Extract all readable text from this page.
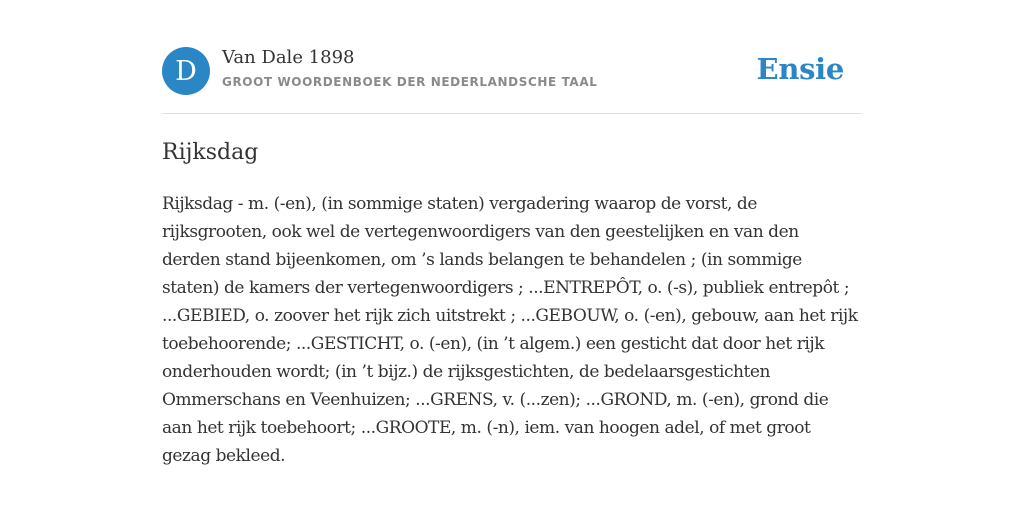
D	Van Dale 1898
GROOT WOORDENBOEK DER NEDERLANDSCHE TAAL	Ensie
Rijksdag

Rijksdag - m. (-en), (in sommige staten) vergadering waarop de vorst, de rijksgrooten, ook wel de vertegenwoordigers van den geestelijken en van den derden stand bijeenkomen, om ’s lands belangen te behandelen ; (in sommige staten) de kamers der vertegenwoordigers ; ...ENTREPÔT, o. (-s), publiek entrepôt ; ...GEBIED, o. zoover het rijk zich uitstrekt ; ...GEBOUW, o. (-en), gebouw, aan het rijk toebehoorende; ...GESTICHT, o. (-en), (in ’t algem.) een gesticht dat door het rijk onderhouden wordt; (in ’t bijz.) de rijksgestichten, de bedelaarsgestichten Ommerschans en Veenhuizen; ...GRENS, v. (...zen); ...GROND, m. (-en), grond die aan het rijk toebehoort; ...GROOTE, m. (-n), iem. van hoogen adel, of met groot gezag bekleed.
